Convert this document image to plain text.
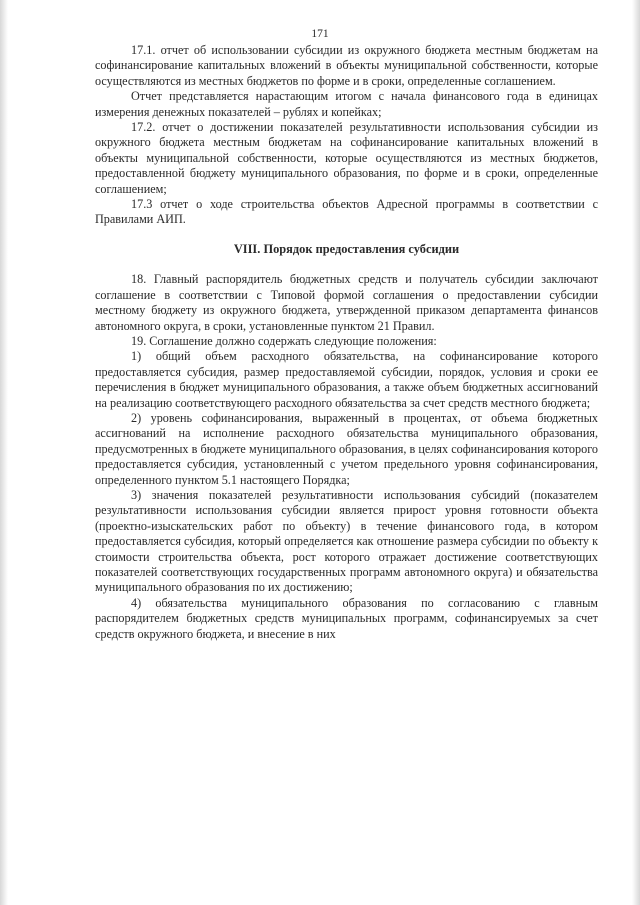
171

17.1. отчет об использовании субсидии из окружного бюджета местным бюджетам на софинансирование капитальных вложений в объекты муниципальной собственности, которые осуществляются из местных бюджетов по форме и в сроки, определенные соглашением.

Отчет представляется нарастающим итогом с начала финансового года в единицах измерения денежных показателей – рублях и копейках;

17.2. отчет о достижении показателей результативности использования субсидии из окружного бюджета местным бюджетам на софинансирование капитальных вложений в объекты муниципальной собственности, которые осуществляются из местных бюджетов, предоставленной бюджету муниципального образования, по форме и в сроки, определенные соглашением;

17.3 отчет о ходе строительства объектов Адресной программы в соответствии с Правилами АИП.

VIII. Порядок предоставления субсидии

18. Главный распорядитель бюджетных средств и получатель субсидии заключают соглашение в соответствии с Типовой формой соглашения о предоставлении субсидии местному бюджету из окружного бюджета, утвержденной приказом департамента финансов автономного округа, в сроки, установленные пунктом 21 Правил.

19. Соглашение должно содержать следующие положения:

1) общий объем расходного обязательства, на софинансирование которого предоставляется субсидия, размер предоставляемой субсидии, порядок, условия и сроки ее перечисления в бюджет муниципального образования, а также объем бюджетных ассигнований на реализацию соответствующего расходного обязательства за счет средств местного бюджета;

2) уровень софинансирования, выраженный в процентах, от объема бюджетных ассигнований на исполнение расходного обязательства муниципального образования, предусмотренных в бюджете муниципального образования, в целях софинансирования которого предоставляется субсидия, установленный с учетом предельного уровня софинансирования, определенного пунктом 5.1 настоящего Порядка;

3) значения показателей результативности использования субсидий (показателем результативности использования субсидии является прирост уровня готовности объекта (проектно-изыскательских работ по объекту) в течение финансового года, в котором предоставляется субсидия, который определяется как отношение размера субсидии по объекту к стоимости строительства объекта, рост которого отражает достижение соответствующих показателей соответствующих государственных программ автономного округа) и обязательства муниципального образования по их достижению;

4) обязательства муниципального образования по согласованию с главным распорядителем бюджетных средств муниципальных программ, софинансируемых за счет средств окружного бюджета, и внесение в них
